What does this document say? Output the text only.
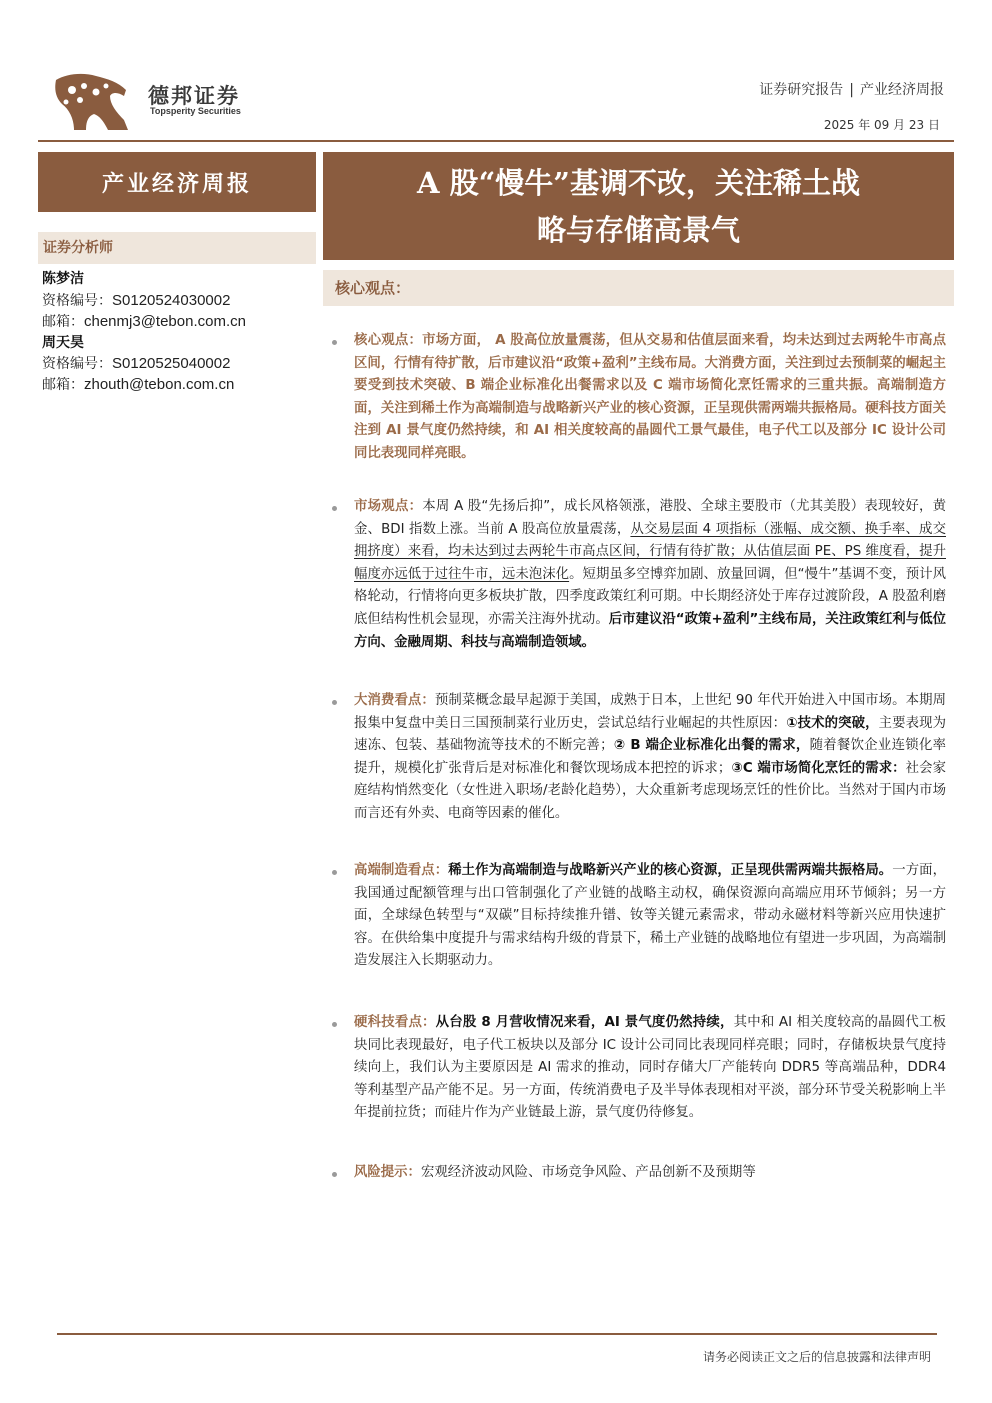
德邦证券
Topsperity Securities
证券研究报告 | 产业经济周报
2025 年 09 月 23 日
产业经济周报
证券分析师
陈梦洁
资格编号：S0120524030002
邮箱：chenmj3@tebon.com.cn
周天昊
资格编号：S0120525040002
邮箱：zhouth@tebon.com.cn
A 股“慢牛”基调不改，关注稀土战
略与存储高景气
核心观点：
核心观点：市场方面， A 股高位放量震荡，但从交易和估值层面来看，均未达到过去两轮牛市高点区间，行情有待扩散，后市建议沿“政策+盈利”主线布局。大消费方面，关注到过去预制菜的崛起主要受到技术突破、B 端企业标准化出餐需求以及 C 端市场简化烹饪需求的三重共振。高端制造方面，关注到稀土作为高端制造与战略新兴产业的核心资源，正呈现供需两端共振格局。硬科技方面关注到 AI 景气度仍然持续，和 AI 相关度较高的晶圆代工景气最佳，电子代工以及部分 IC 设计公司同比表现同样亮眼。
市场观点：本周 A 股“先扬后抑”，成长风格领涨，港股、全球主要股市（尤其美股）表现较好，黄金、BDI 指数上涨。当前 A 股高位放量震荡，从交易层面 4 项指标（涨幅、成交额、换手率、成交拥挤度）来看，均未达到过去两轮牛市高点区间，行情有待扩散；从估值层面 PE、PS 维度看，提升幅度亦远低于过往牛市，远未泡沫化。短期虽多空博弈加剧、放量回调，但“慢牛”基调不变，预计风格轮动，行情将向更多板块扩散，四季度政策红利可期。中长期经济处于库存过渡阶段，A 股盈利磨底但结构性机会显现，亦需关注海外扰动。后市建议沿“政策+盈利”主线布局，关注政策红利与低位方向、金融周期、科技与高端制造领域。
大消费看点：预制菜概念最早起源于美国，成熟于日本，上世纪 90 年代开始进入中国市场。本期周报集中复盘中美日三国预制菜行业历史，尝试总结行业崛起的共性原因：①技术的突破，主要表现为速冻、包装、基础物流等技术的不断完善；② B 端企业标准化出餐的需求，随着餐饮企业连锁化率提升，规模化扩张背后是对标准化和餐饮现场成本把控的诉求；③C 端市场简化烹饪的需求：社会家庭结构悄然变化（女性进入职场/老龄化趋势），大众重新考虑现场烹饪的性价比。当然对于国内市场而言还有外卖、电商等因素的催化。
高端制造看点：稀土作为高端制造与战略新兴产业的核心资源，正呈现供需两端共振格局。一方面，我国通过配额管理与出口管制强化了产业链的战略主动权，确保资源向高端应用环节倾斜；另一方面，全球绿色转型与“双碳”目标持续推升镨、钕等关键元素需求，带动永磁材料等新兴应用快速扩容。在供给集中度提升与需求结构升级的背景下，稀土产业链的战略地位有望进一步巩固，为高端制造发展注入长期驱动力。
硬科技看点：从台股 8 月营收情况来看，AI 景气度仍然持续，其中和 AI 相关度较高的晶圆代工板块同比表现最好，电子代工板块以及部分 IC 设计公司同比表现同样亮眼；同时，存储板块景气度持续向上，我们认为主要原因是 AI 需求的推动，同时存储大厂产能转向 DDR5 等高端品种，DDR4 等利基型产品产能不足。另一方面，传统消费电子及半导体表现相对平淡，部分环节受关税影响上半年提前拉货；而硅片作为产业链最上游，景气度仍待修复。
风险提示：宏观经济波动风险、市场竞争风险、产品创新不及预期等
请务必阅读正文之后的信息披露和法律声明
